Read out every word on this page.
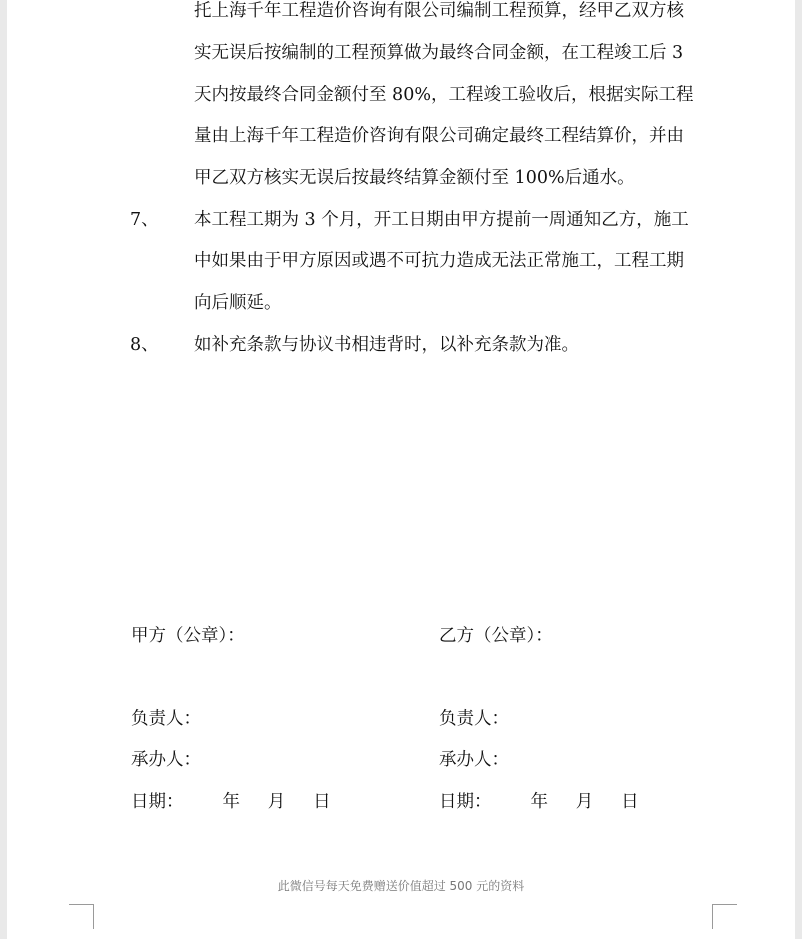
托上海千年工程造价咨询有限公司编制工程预算，经甲乙双方核
实无误后按编制的工程预算做为最终合同金额，在工程竣工后 3
天内按最终合同金额付至 80%，工程竣工验收后，根据实际工程
量由上海千年工程造价咨询有限公司确定最终工程结算价，并由
甲乙双方核实无误后按最终结算金额付至 100%后通水。
7、 本工程工期为 3 个月，开工日期由甲方提前一周通知乙方，施工
中如果由于甲方原因或遇不可抗力造成无法正常施工，工程工期
向后顺延。
8、 如补充条款与协议书相违背时，以补充条款为准。
甲方（公章）：
负责人：
承办人：
日期：       年     月     日
乙方（公章）：
负责人：
承办人：
日期：       年     月     日
此微信号每天免费赠送价值超过 500 元的资料
